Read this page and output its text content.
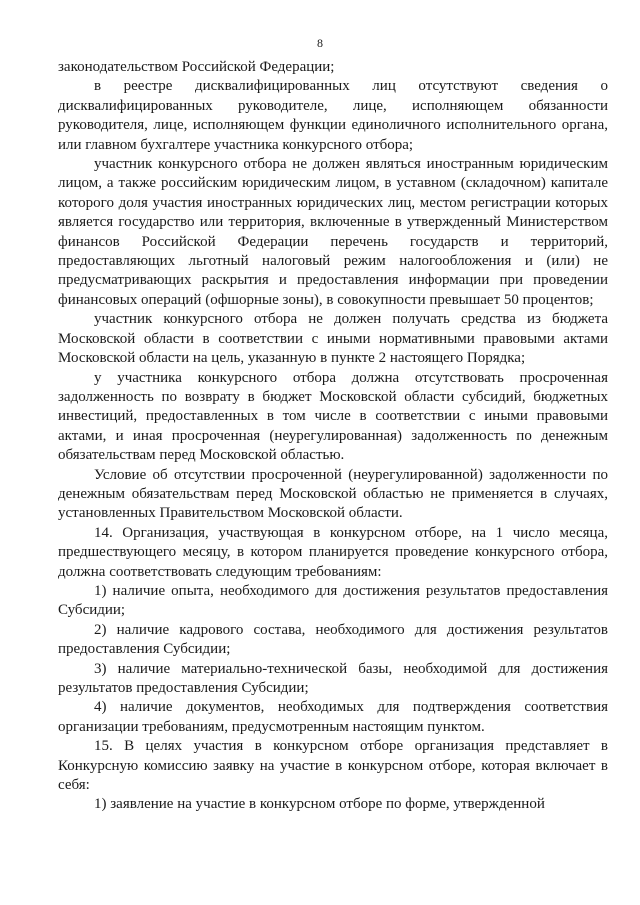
8

законодательством Российской Федерации;

в реестре дисквалифицированных лиц отсутствуют сведения о дисквалифицированных руководителе, лице, исполняющем обязанности руководителя, лице, исполняющем функции единоличного исполнительного органа, или главном бухгалтере участника конкурсного отбора;

участник конкурсного отбора не должен являться иностранным юридическим лицом, а также российским юридическим лицом, в уставном (складочном) капитале которого доля участия иностранных юридических лиц, местом регистрации которых является государство или территория, включенные в утвержденный Министерством финансов Российской Федерации перечень государств и территорий, предоставляющих льготный налоговый режим налогообложения и (или) не предусматривающих раскрытия и предоставления информации при проведении финансовых операций (офшорные зоны), в совокупности превышает 50 процентов;

участник конкурсного отбора не должен получать средства из бюджета Московской области в соответствии с иными нормативными правовыми актами Московской области на цель, указанную в пункте 2 настоящего Порядка;

у участника конкурсного отбора должна отсутствовать просроченная задолженность по возврату в бюджет Московской области субсидий, бюджетных инвестиций, предоставленных в том числе в соответствии с иными правовыми актами, и иная просроченная (неурегулированная) задолженность по денежным обязательствам перед Московской областью.

Условие об отсутствии просроченной (неурегулированной) задолженности по денежным обязательствам перед Московской областью не применяется в случаях, установленных Правительством Московской области.

14. Организация, участвующая в конкурсном отборе, на 1 число месяца, предшествующего месяцу, в котором планируется проведение конкурсного отбора, должна соответствовать следующим требованиям:

1) наличие опыта, необходимого для достижения результатов предоставления Субсидии;

2) наличие кадрового состава, необходимого для достижения результатов предоставления Субсидии;

3) наличие материально-технической базы, необходимой для достижения результатов предоставления Субсидии;

4) наличие документов, необходимых для подтверждения соответствия организации требованиям, предусмотренным настоящим пунктом.

15. В целях участия в конкурсном отборе организация представляет в Конкурсную комиссию заявку на участие в конкурсном отборе, которая включает в себя:

1) заявление на участие в конкурсном отборе по форме, утвержденной
